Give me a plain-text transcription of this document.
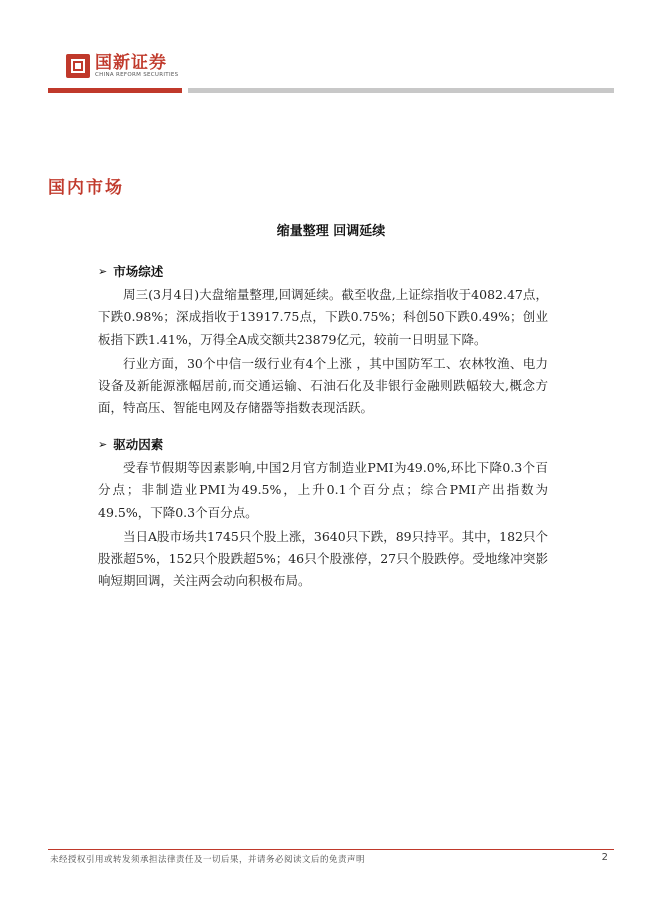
国新证券
CHINA REFORM SECURITIES
国内市场
缩量整理 回调延续
➢ 市场综述

周三(3月4日)大盘缩量整理,回调延续。截至收盘,上证综指收于4082.47点，下跌0.98%；深成指收于13917.75点，下跌0.75%；科创50下跌0.49%；创业板指下跌1.41%，万得全A成交额共23879亿元，较前一日明显下降。

行业方面，30个中信一级行业有4个上涨 ，其中国防军工、农林牧渔、电力设备及新能源涨幅居前,而交通运输、石油石化及非银行金融则跌幅较大,概念方面，特高压、智能电网及存储器等指数表现活跃。

➢ 驱动因素

受春节假期等因素影响,中国2月官方制造业PMI为49.0%,环比下降0.3个百分点；非制造业PMI为49.5%，上升0.1个百分点；综合PMI产出指数为49.5%，下降0.3个百分点。

当日A股市场共1745只个股上涨，3640只下跌，89只持平。其中，182只个股涨超5%，152只个股跌超5%；46只个股涨停，27只个股跌停。受地缘冲突影响短期回调，关注两会动向积极布局。

未经授权引用或转发须承担法律责任及一切后果，并请务必阅读文后的免责声明	2
